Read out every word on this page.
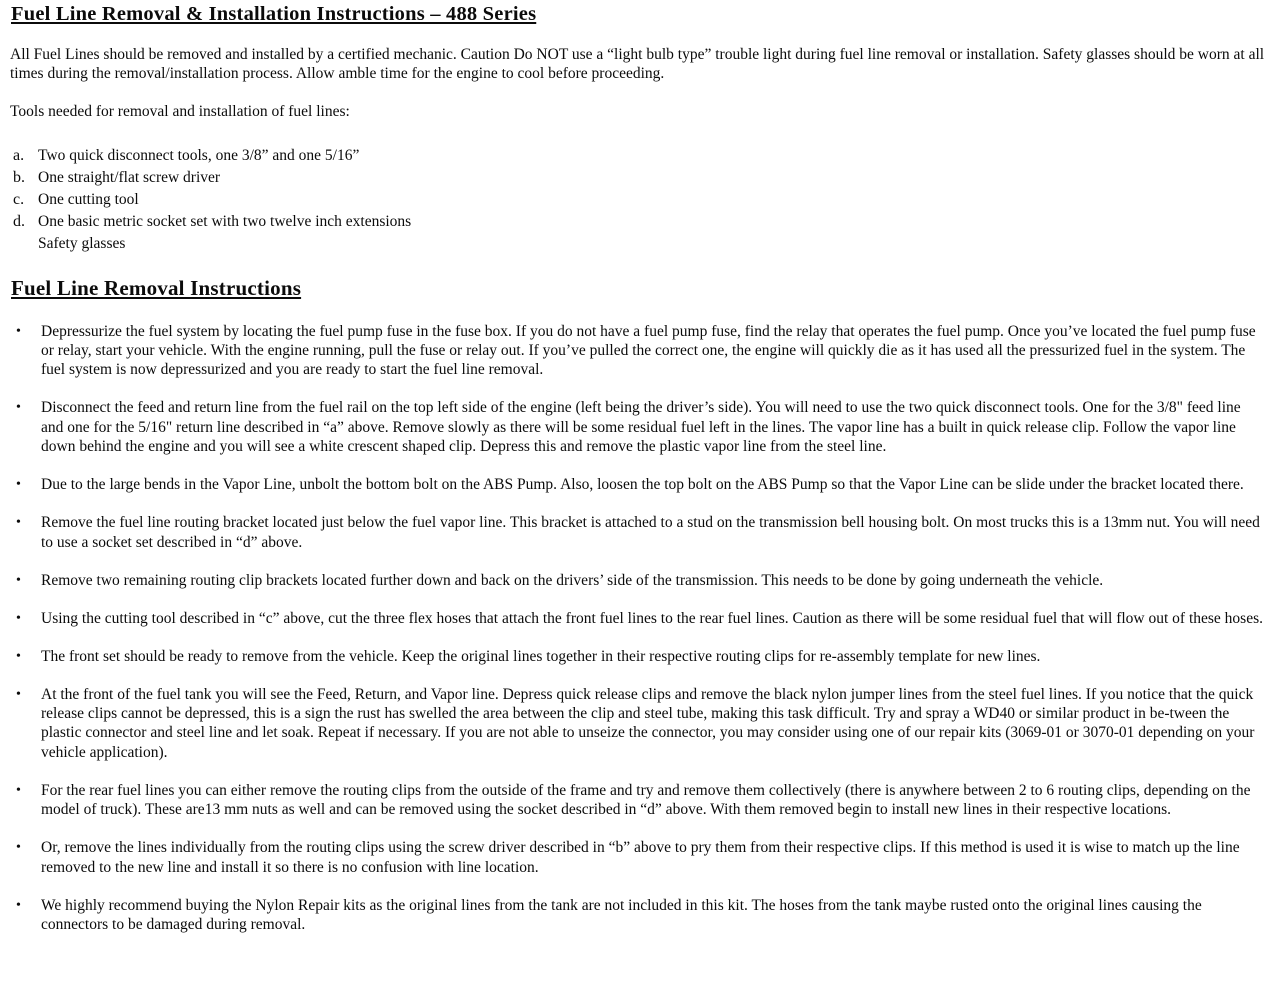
Fuel Line Removal & Installation Instructions – 488 Series

All Fuel Lines should be removed and installed by a certified mechanic. Caution Do NOT use a “light bulb type” trouble light during fuel line removal or installation. Safety glasses should be worn at all times during the removal/installation process. Allow amble time for the engine to cool before proceeding.

Tools needed for removal and installation of fuel lines:

a. Two quick disconnect tools, one 3/8” and one 5/16”
b. One straight/flat screw driver
c. One cutting tool
d. One basic metric socket set with two twelve inch extensions
Safety glasses
Fuel Line Removal Instructions
•	Depressurize the fuel system by locating the fuel pump fuse in the fuse box. If you do not have a fuel pump fuse, find the relay that operates the fuel pump. Once you’ve located the fuel pump fuse or relay, start your vehicle. With the engine running, pull the fuse or relay out. If you’ve pulled the correct one, the engine will quickly die as it has used all the pressurized fuel in the system. The fuel system is now depressurized and you are ready to start the fuel line removal.
•	Disconnect the feed and return line from the fuel rail on the top left side of the engine (left being the driver’s side). You will need to use the two quick disconnect tools. One for the 3/8" feed line and one for the 5/16" return line described in “a” above. Remove slowly as there will be some residual fuel left in the lines. The vapor line has a built in quick release clip. Follow the vapor line down behind the engine and you will see a white crescent shaped clip. Depress this and remove the plastic vapor line from the steel line.
•	Due to the large bends in the Vapor Line, unbolt the bottom bolt on the ABS Pump. Also, loosen the top bolt on the ABS Pump so that the Vapor Line can be slide under the bracket located there.
•	Remove the fuel line routing bracket located just below the fuel vapor line. This bracket is attached to a stud on the transmission bell housing bolt. On most trucks this is a 13mm nut. You will need to use a socket set described in “d” above.
•	Remove two remaining routing clip brackets located further down and back on the drivers’ side of the transmission. This needs to be done by going underneath the vehicle.
•	Using the cutting tool described in “c” above, cut the three flex hoses that attach the front fuel lines to the rear fuel lines. Caution as there will be some residual fuel that will flow out of these hoses.
•	The front set should be ready to remove from the vehicle. Keep the original lines together in their respective routing clips for re-assembly template for new lines.
•	At the front of the fuel tank you will see the Feed, Return, and Vapor line. Depress quick release clips and remove the black nylon jumper lines from the steel fuel lines. If you notice that the quick release clips cannot be depressed, this is a sign the rust has swelled the area between the clip and steel tube, making this task difficult. Try and spray a WD40 or similar product in be-tween the plastic connector and steel line and let soak. Repeat if necessary. If you are not able to unseize the connector, you may consider using one of our repair kits (3069-01 or 3070-01 depending on your vehicle application).
•	For the rear fuel lines you can either remove the routing clips from the outside of the frame and try and remove them collectively (there is anywhere between 2 to 6 routing clips, depending on the model of truck). These are13 mm nuts as well and can be removed using the socket described in “d” above. With them removed begin to install new lines in their respective locations.
•	Or, remove the lines individually from the routing clips using the screw driver described in “b” above to pry them from their respective clips. If this method is used it is wise to match up the line removed to the new line and install it so there is no confusion with line location.
•	We highly recommend buying the Nylon Repair kits as the original lines from the tank are not included in this kit. The hoses from the tank maybe rusted onto the original lines causing the connectors to be damaged during removal.
